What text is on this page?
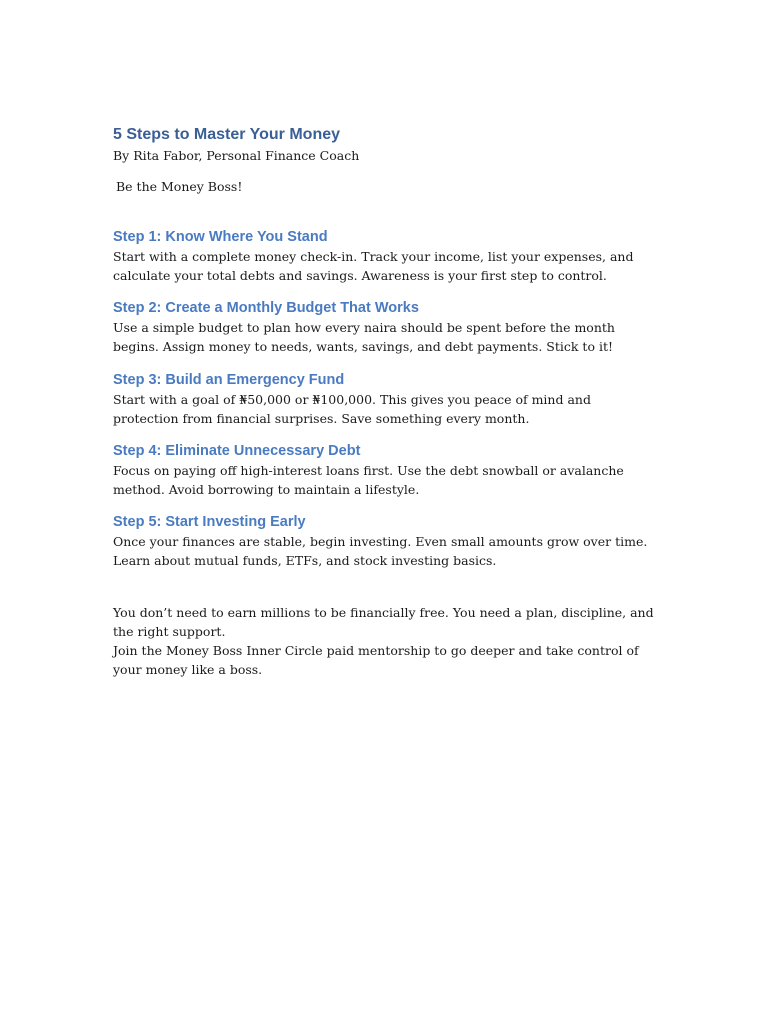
5 Steps to Master Your Money

By Rita Fabor, Personal Finance Coach

Be the Money Boss!

Step 1: Know Where You Stand

Start with a complete money check-in. Track your income, list your expenses, and calculate your total debts and savings. Awareness is your first step to control.

Step 2: Create a Monthly Budget That Works

Use a simple budget to plan how every naira should be spent before the month begins. Assign money to needs, wants, savings, and debt payments. Stick to it!

Step 3: Build an Emergency Fund

Start with a goal of ₦50,000 or ₦100,000. This gives you peace of mind and protection from financial surprises. Save something every month.

Step 4: Eliminate Unnecessary Debt

Focus on paying off high-interest loans first. Use the debt snowball or avalanche method. Avoid borrowing to maintain a lifestyle.

Step 5: Start Investing Early

Once your finances are stable, begin investing. Even small amounts grow over time. Learn about mutual funds, ETFs, and stock investing basics.

You don’t need to earn millions to be financially free. You need a plan, discipline, and the right support.

Join the Money Boss Inner Circle paid mentorship to go deeper and take control of your money like a boss.
